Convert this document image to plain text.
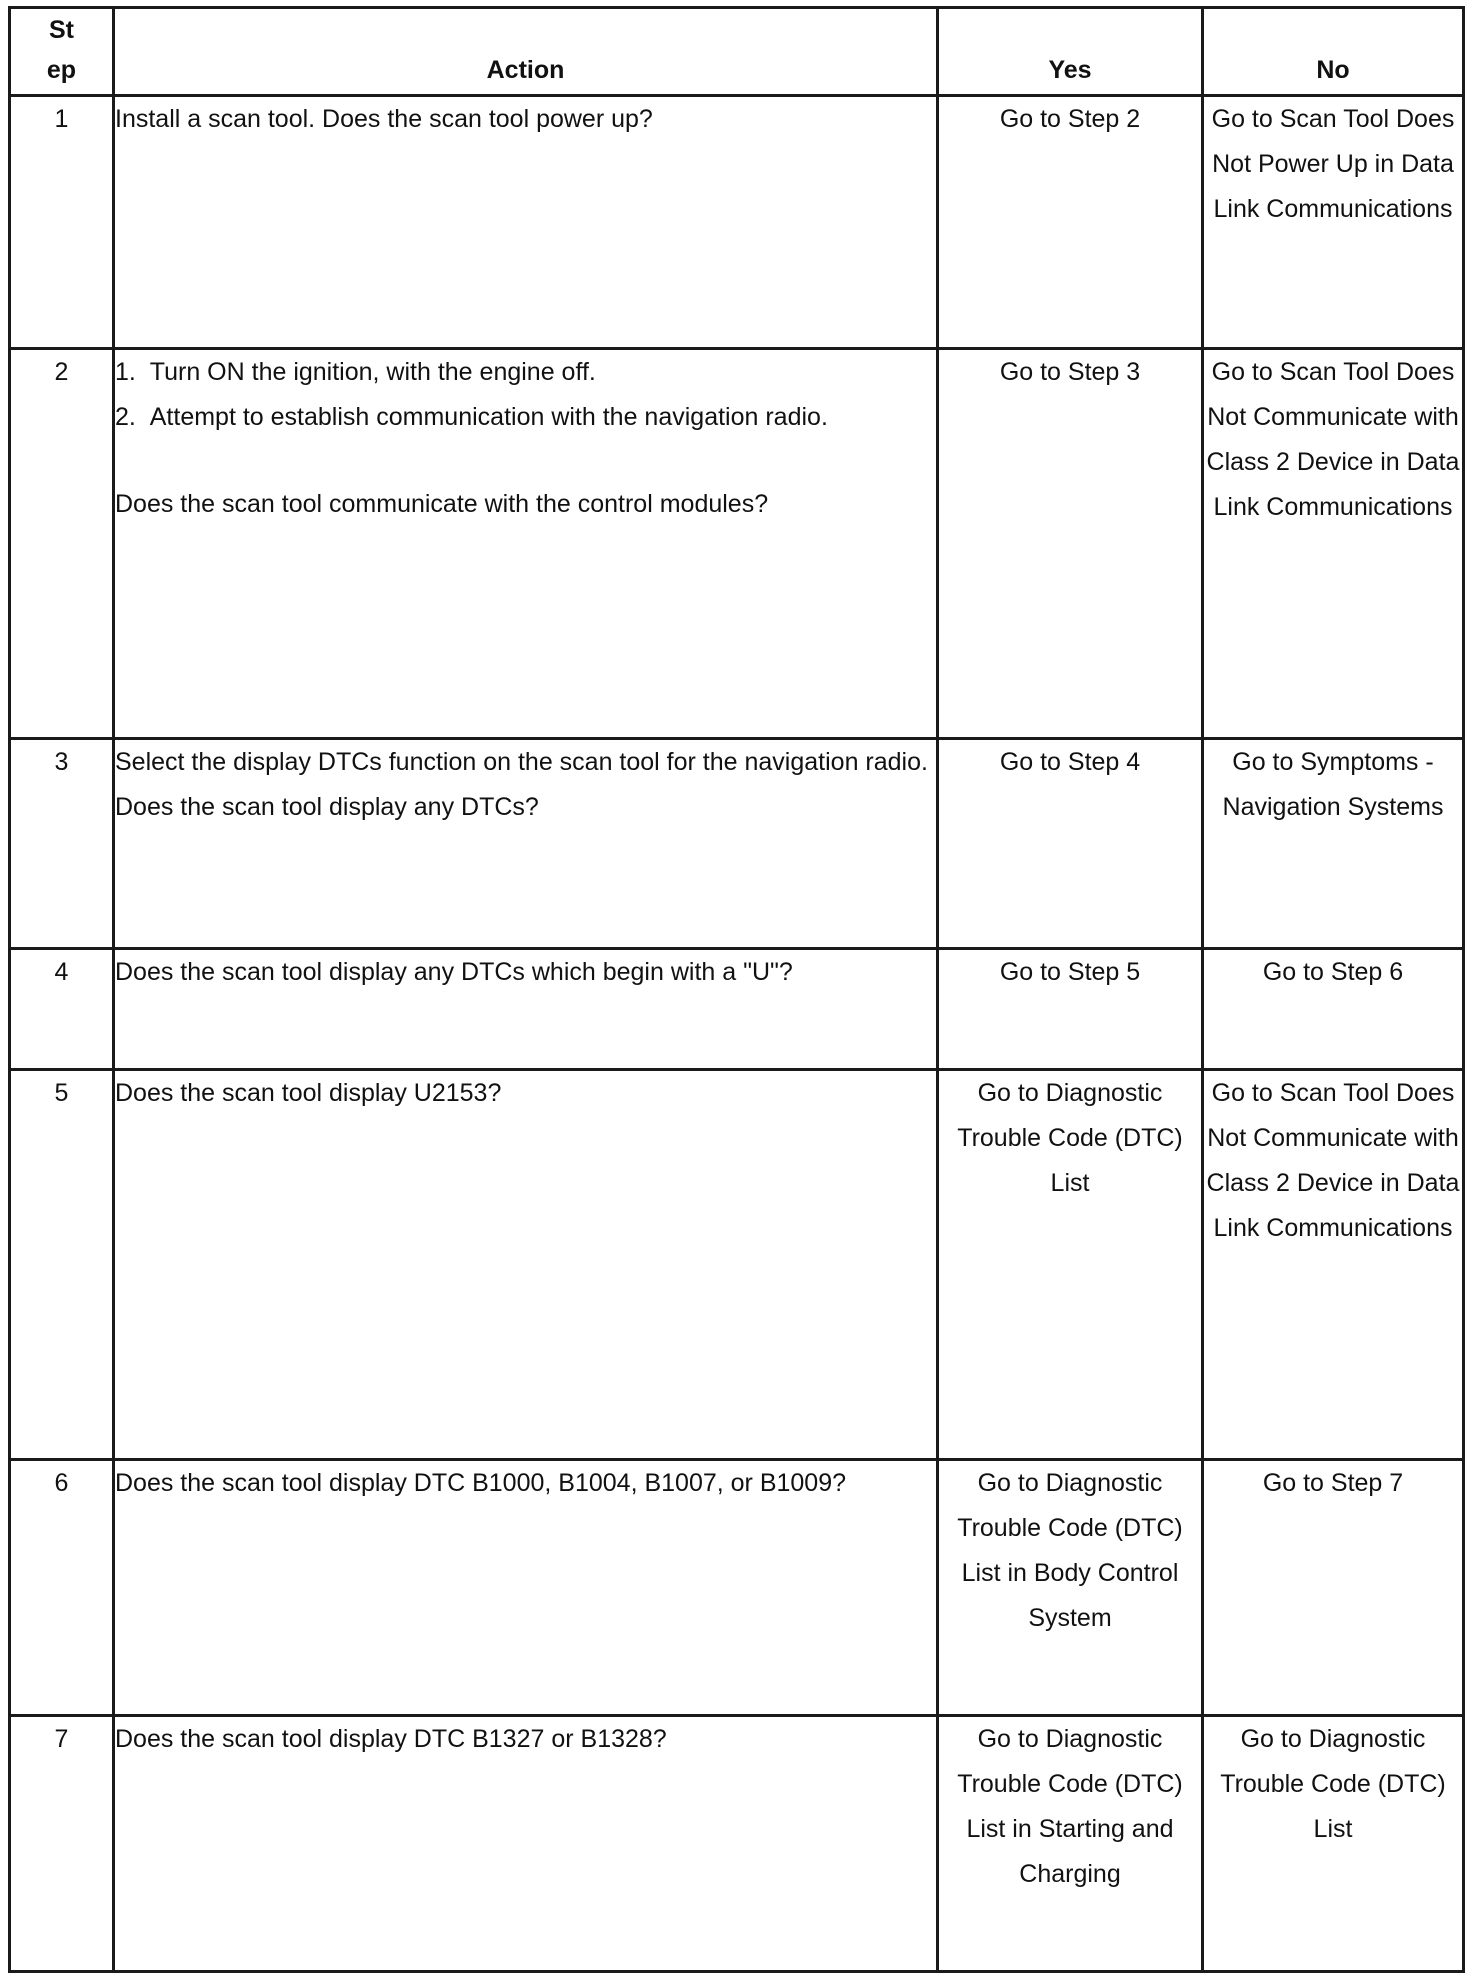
St
ep	Action	Yes	No
1	Install a scan tool. Does the scan tool power up?	Go to Step 2	Go to Scan Tool Does Not Power Up in Data Link Communications
2	1.  Turn ON the ignition, with the engine off.
2.  Attempt to establish communication with the navigation radio.
Does the scan tool communicate with the control modules?	Go to Step 3	Go to Scan Tool Does Not Communicate with Class 2 Device in Data Link Communications
3	Select the display DTCs function on the scan tool for the navigation radio. Does the scan tool display any DTCs?	Go to Step 4	Go to Symptoms - Navigation Systems
4	Does the scan tool display any DTCs which begin with a "U"?	Go to Step 5	Go to Step 6
5	Does the scan tool display U2153?	Go to Diagnostic Trouble Code (DTC) List	Go to Scan Tool Does Not Communicate with Class 2 Device in Data Link Communications
6	Does the scan tool display DTC B1000, B1004, B1007, or B1009?	Go to Diagnostic Trouble Code (DTC) List in Body Control System	Go to Step 7
7	Does the scan tool display DTC B1327 or B1328?	Go to Diagnostic Trouble Code (DTC) List in Starting and Charging	Go to Diagnostic Trouble Code (DTC) List
